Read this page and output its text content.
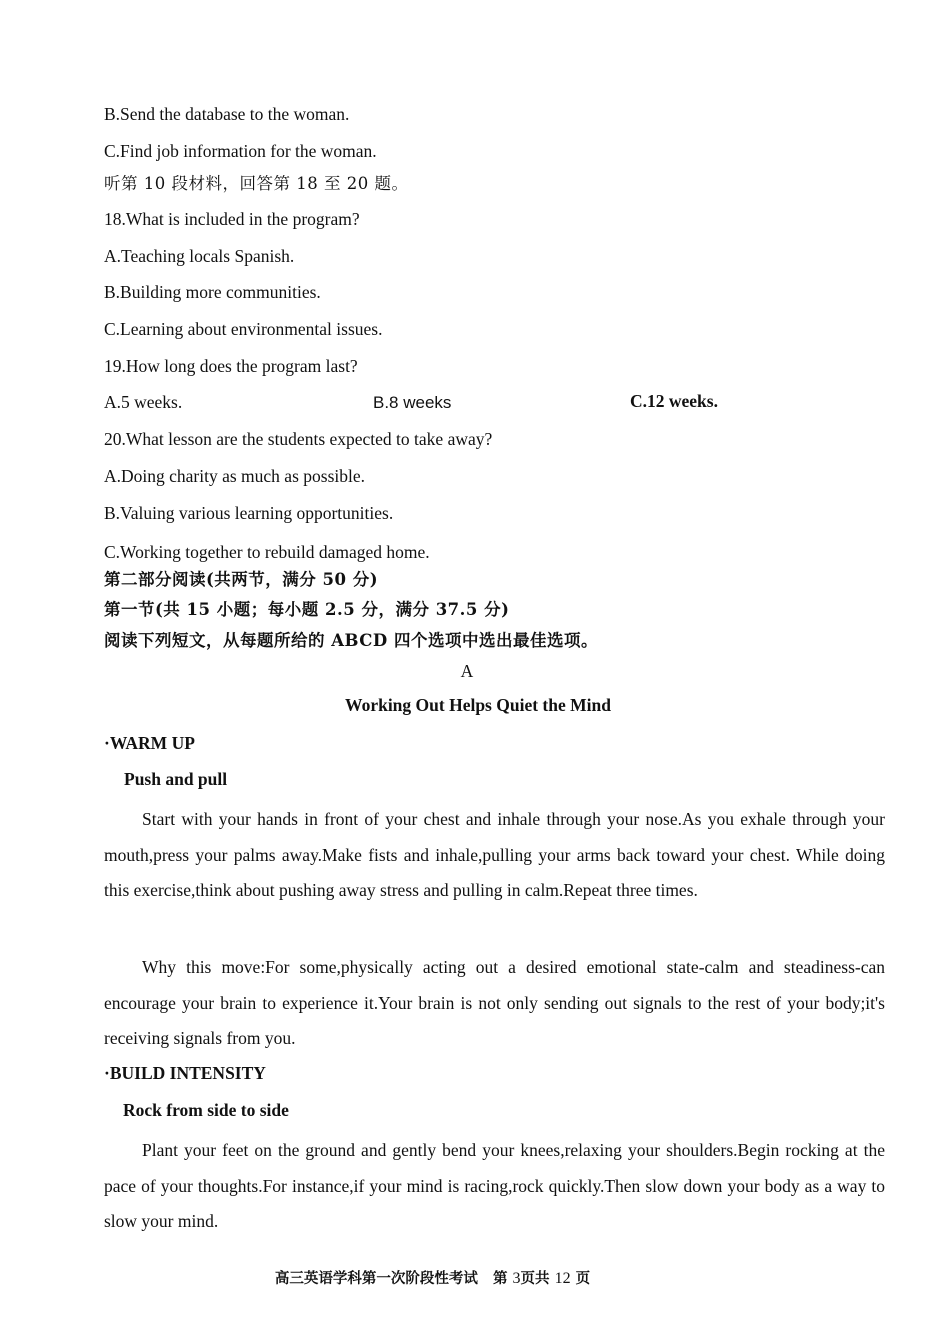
B.Send the database to the woman.
C.Find job information for the woman.
听第 10 段材料，回答第 18 至 20 题。
18.What is included in the program?
A.Teaching locals Spanish.
B.Building more communities.
C.Learning about environmental issues.
19.How long does the program last?
A.5 weeks.	B.8 weeks	C.12 weeks.
20.What lesson are the students expected to take away?
A.Doing charity as much as possible.
B.Valuing various learning opportunities.
C.Working together to rebuild damaged home.
第二部分阅读(共两节，满分 50 分)
第一节(共 15 小题；每小题 2.5 分，满分 37.5 分)
阅读下列短文，从每题所给的 ABCD 四个选项中选出最佳选项。
A
Working Out Helps Quiet the Mind
·WARM UP
Push and pull
Start with your hands in front of your chest and inhale through your nose.As you exhale through your mouth,press your palms away.Make fists and inhale,pulling your arms back toward your chest. While doing this exercise,think about pushing away stress and pulling in calm.Repeat three times.
Why this move:For some,physically acting out a desired emotional state-calm and steadiness-can encourage your brain to experience it.Your brain is not only sending out signals to the rest of your body;it's receiving signals from you.
·BUILD INTENSITY
Rock from side to side
Plant your feet on the ground and gently bend your knees,relaxing your shoulders.Begin rocking at the pace of your thoughts.For instance,if your mind is racing,rock quickly.Then slow down your body as a way to slow your mind.
高三英语学科第一次阶段性考试 第 3页共 12 页
